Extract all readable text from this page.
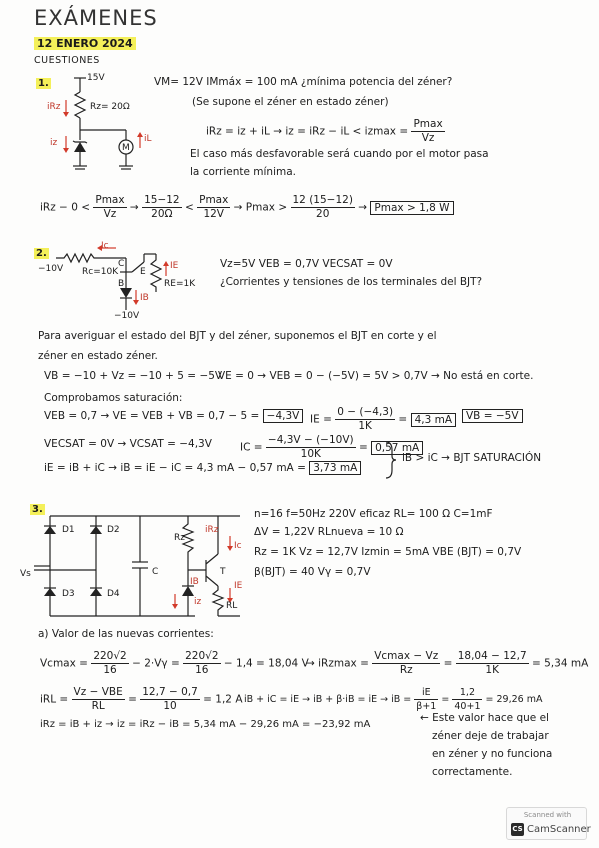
EXÁMENES
12 ENERO 2024
CUESTIONES
1.	15V
iRz	Rz= 20Ω
iz	iL
M
VM= 12V IMmáx = 100 mA ¿mínima potencia del zéner?
(Se supone el zéner en estado zéner)
iRz = iz + iL → iz = iRz − iL < $izmax = \frac{Pmax}{Vz}$
El caso más desfavorable será cuando por el motor pasa
la corriente mínima.
iRz − $0 < \frac{Pmax}{Vz} \to \frac{15-12}{20\Omega} < \frac{Pmax}{12V} \to Pmax > \frac{12 (15-12)}{20} \to Pmax > 1,8$ W
2.
Ic
−10V Rc=10K
C
E
B
IE
RE=1K
IB
−10V
Vz=5V VEB = 0,7V VECSAT = 0V
¿Corrientes y tensiones de los terminales del BJT?
Para averiguar el estado del BJT y del zéner, suponemos el BJT en corte y el
zéner en estado zéner.
VB = −10 + Vz = −10 + 5 = −5V
VE = 0 → VEB = 0 − (−5V) = 5V > 0,7V → No está en corte.
Comprobamos saturación:
VEB = 0,7 → VE = VEB + VB = 0,7 − 5 = −4,3V	IE = $\frac{0 - (-4,3)}{1K} = 4,3$ mA	VB = −5V
VECSAT = 0V → VCSAT = −4,3V	IC = $\frac{-4,3V - (-10V)}{10K} = 0,57$ mA
iE = iB + iC → iB = iE − iC = 4,3 mA − 0,57 mA = 3,73 mA
iB > iC → BJT SATURACIÓN
3.
D1	D2
D3	D4
C
Vs
Rz
iRz
Ic
IB
T
IE
iz	RL
n=16 f=50Hz 220V eficaz RL= 100 Ω C=1mF
ΔV = 1,22V RLnueva = 10 Ω
Rz = 1K Vz = 12,7V Izmin = 5mA VBE (BJT) = 0,7V
β(BJT) = 40 Vγ = 0,7V
a) Valor de las nuevas corrientes:
$Vcmax = \frac{220√2}{16} - 2\cdot V\gamma = \frac{220√2}{16} - 1,4 = 18,04$ V
→ $iRzmax = \frac{Vcmax - Vz}{Rz} = \frac{18,04 - 12,7}{1K} = 5,34$ mA
iRL = $\frac{\text{Vz − VBE}}{RL} = \frac{12,7 - 0,7}{10} = 1,2$ A iB + iC = iE → iB + β·iB = iE → iB = $\frac{iE}{\beta+1} = \frac{1,2}{40+1} = 29,26$ mA
iRz = iB + iz → iz = iRz − iB = 5,34 mA − 29,26 mA = −23,92 mA
← Este valor hace que el
zéner deje de trabajar
en zéner y no funciona
correctamente.
Scanned with
CS CamScanner
